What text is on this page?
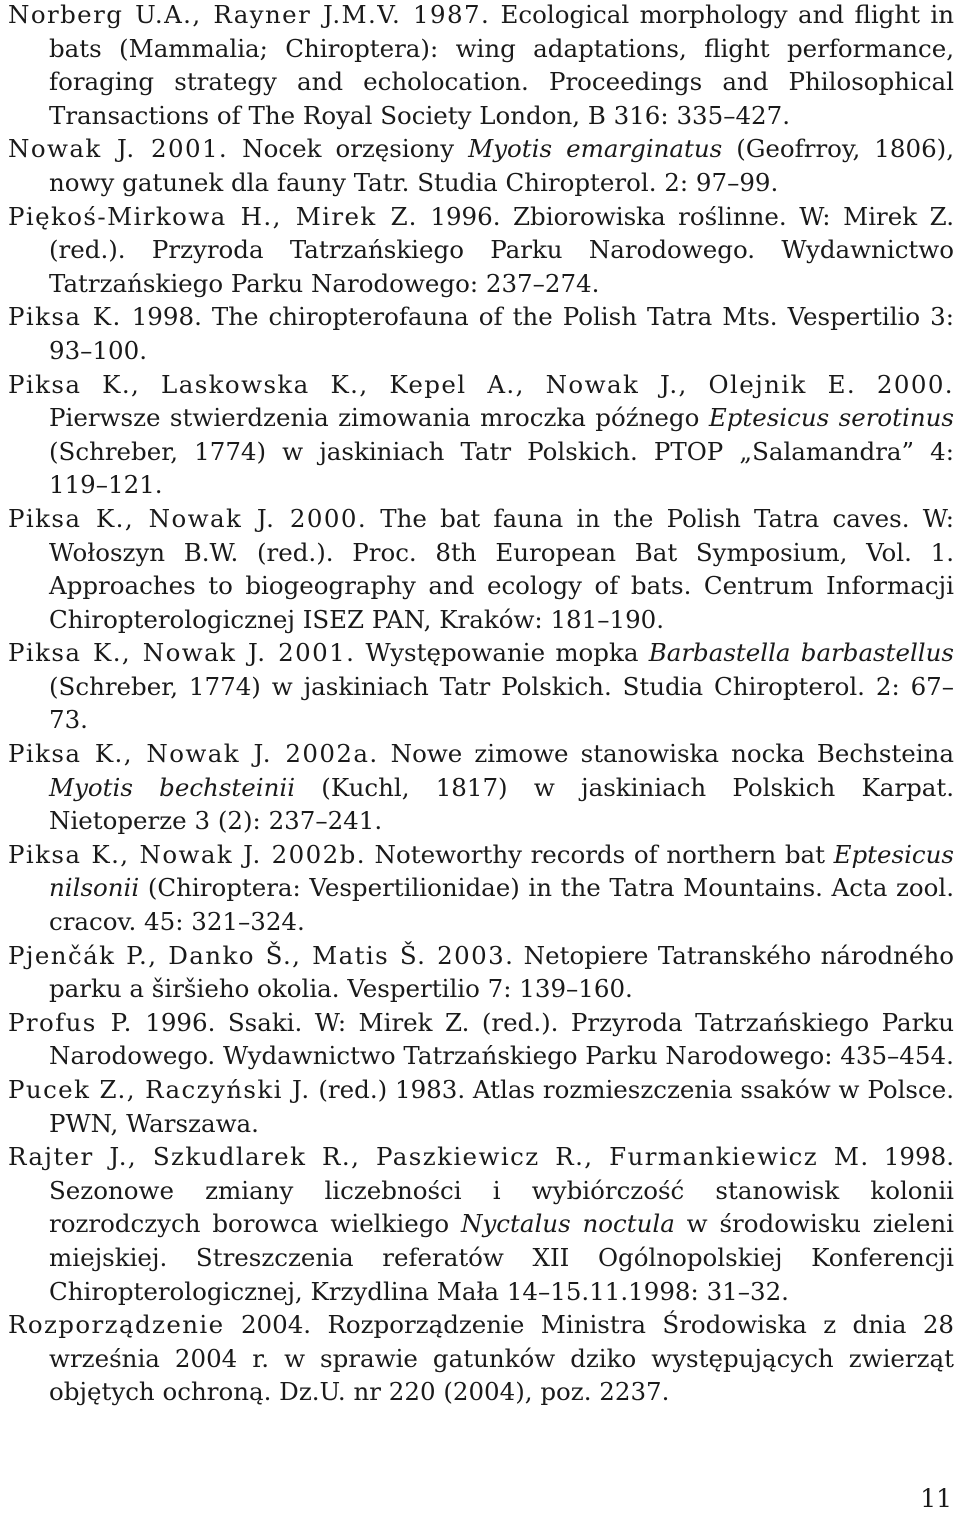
Norberg U.A., Rayner J.M.V. 1987. Ecological morphology and flight in bats (Mammalia; Chiroptera): wing adaptations, flight performance, foraging strategy and echolocation. Proceedings and Philosophical Transactions of The Royal Society London, B 316: 335–427.

Nowak J. 2001. Nocek orzęsiony Myotis emarginatus (Geofrroy, 1806), nowy gatunek dla fauny Tatr. Studia Chiropterol. 2: 97–99.

Piękoś-Mirkowa H., Mirek Z. 1996. Zbiorowiska roślinne. W: Mirek Z. (red.). Przyroda Tatrzańskiego Parku Narodowego. Wydawnictwo Tatrzańskiego Parku Narodowego: 237–274.

Piksa K. 1998. The chiropterofauna of the Polish Tatra Mts. Vespertilio 3: 93–100.

Piksa K., Laskowska K., Kepel A., Nowak J., Olejnik E. 2000. Pierwsze stwierdzenia zimowania mroczka późnego Eptesicus serotinus (Schreber, 1774) w jaskiniach Tatr Polskich. PTOP „Salamandra” 4: 119–121.

Piksa K., Nowak J. 2000. The bat fauna in the Polish Tatra caves. W: Wołoszyn B.W. (red.). Proc. 8th European Bat Symposium, Vol. 1. Approaches to biogeography and ecology of bats. Centrum Informacji Chiropterologicznej ISEZ PAN, Kraków: 181–190.

Piksa K., Nowak J. 2001. Występowanie mopka Barbastella barbastellus (Schreber, 1774) w jaskiniach Tatr Polskich. Studia Chiropterol. 2: 67–73.

Piksa K., Nowak J. 2002a. Nowe zimowe stanowiska nocka Bechsteina Myotis bechsteinii (Kuchl, 1817) w jaskiniach Polskich Karpat. Nietoperze 3 (2): 237–241.

Piksa K., Nowak J. 2002b. Noteworthy records of northern bat Eptesicus nilsonii (Chiroptera: Vespertilionidae) in the Tatra Mountains. Acta zool. cracov. 45: 321–324.

Pjenčák P., Danko Š., Matis Š. 2003. Netopiere Tatranského národného parku a širšieho okolia. Vespertilio 7: 139–160.

Profus P. 1996. Ssaki. W: Mirek Z. (red.). Przyroda Tatrzańskiego Parku Narodowego. Wydawnictwo Tatrzańskiego Parku Narodowego: 435–454.

Pucek Z., Raczyński J. (red.) 1983. Atlas rozmieszczenia ssaków w Polsce. PWN, Warszawa.

Rajter J., Szkudlarek R., Paszkiewicz R., Furmankiewicz M. 1998. Sezonowe zmiany liczebności i wybiórczość stanowisk kolonii rozrodczych borowca wielkiego Nyctalus noctula w środowisku zieleni miejskiej. Streszczenia referatów XII Ogólnopolskiej Konferencji Chiropterologicznej, Krzydlina Mała 14–15.11.1998: 31–32.

Rozporządzenie 2004. Rozporządzenie Ministra Środowiska z dnia 28 września 2004 r. w sprawie gatunków dziko występujących zwierząt objętych ochroną. Dz.U. nr 220 (2004), poz. 2237.

11
